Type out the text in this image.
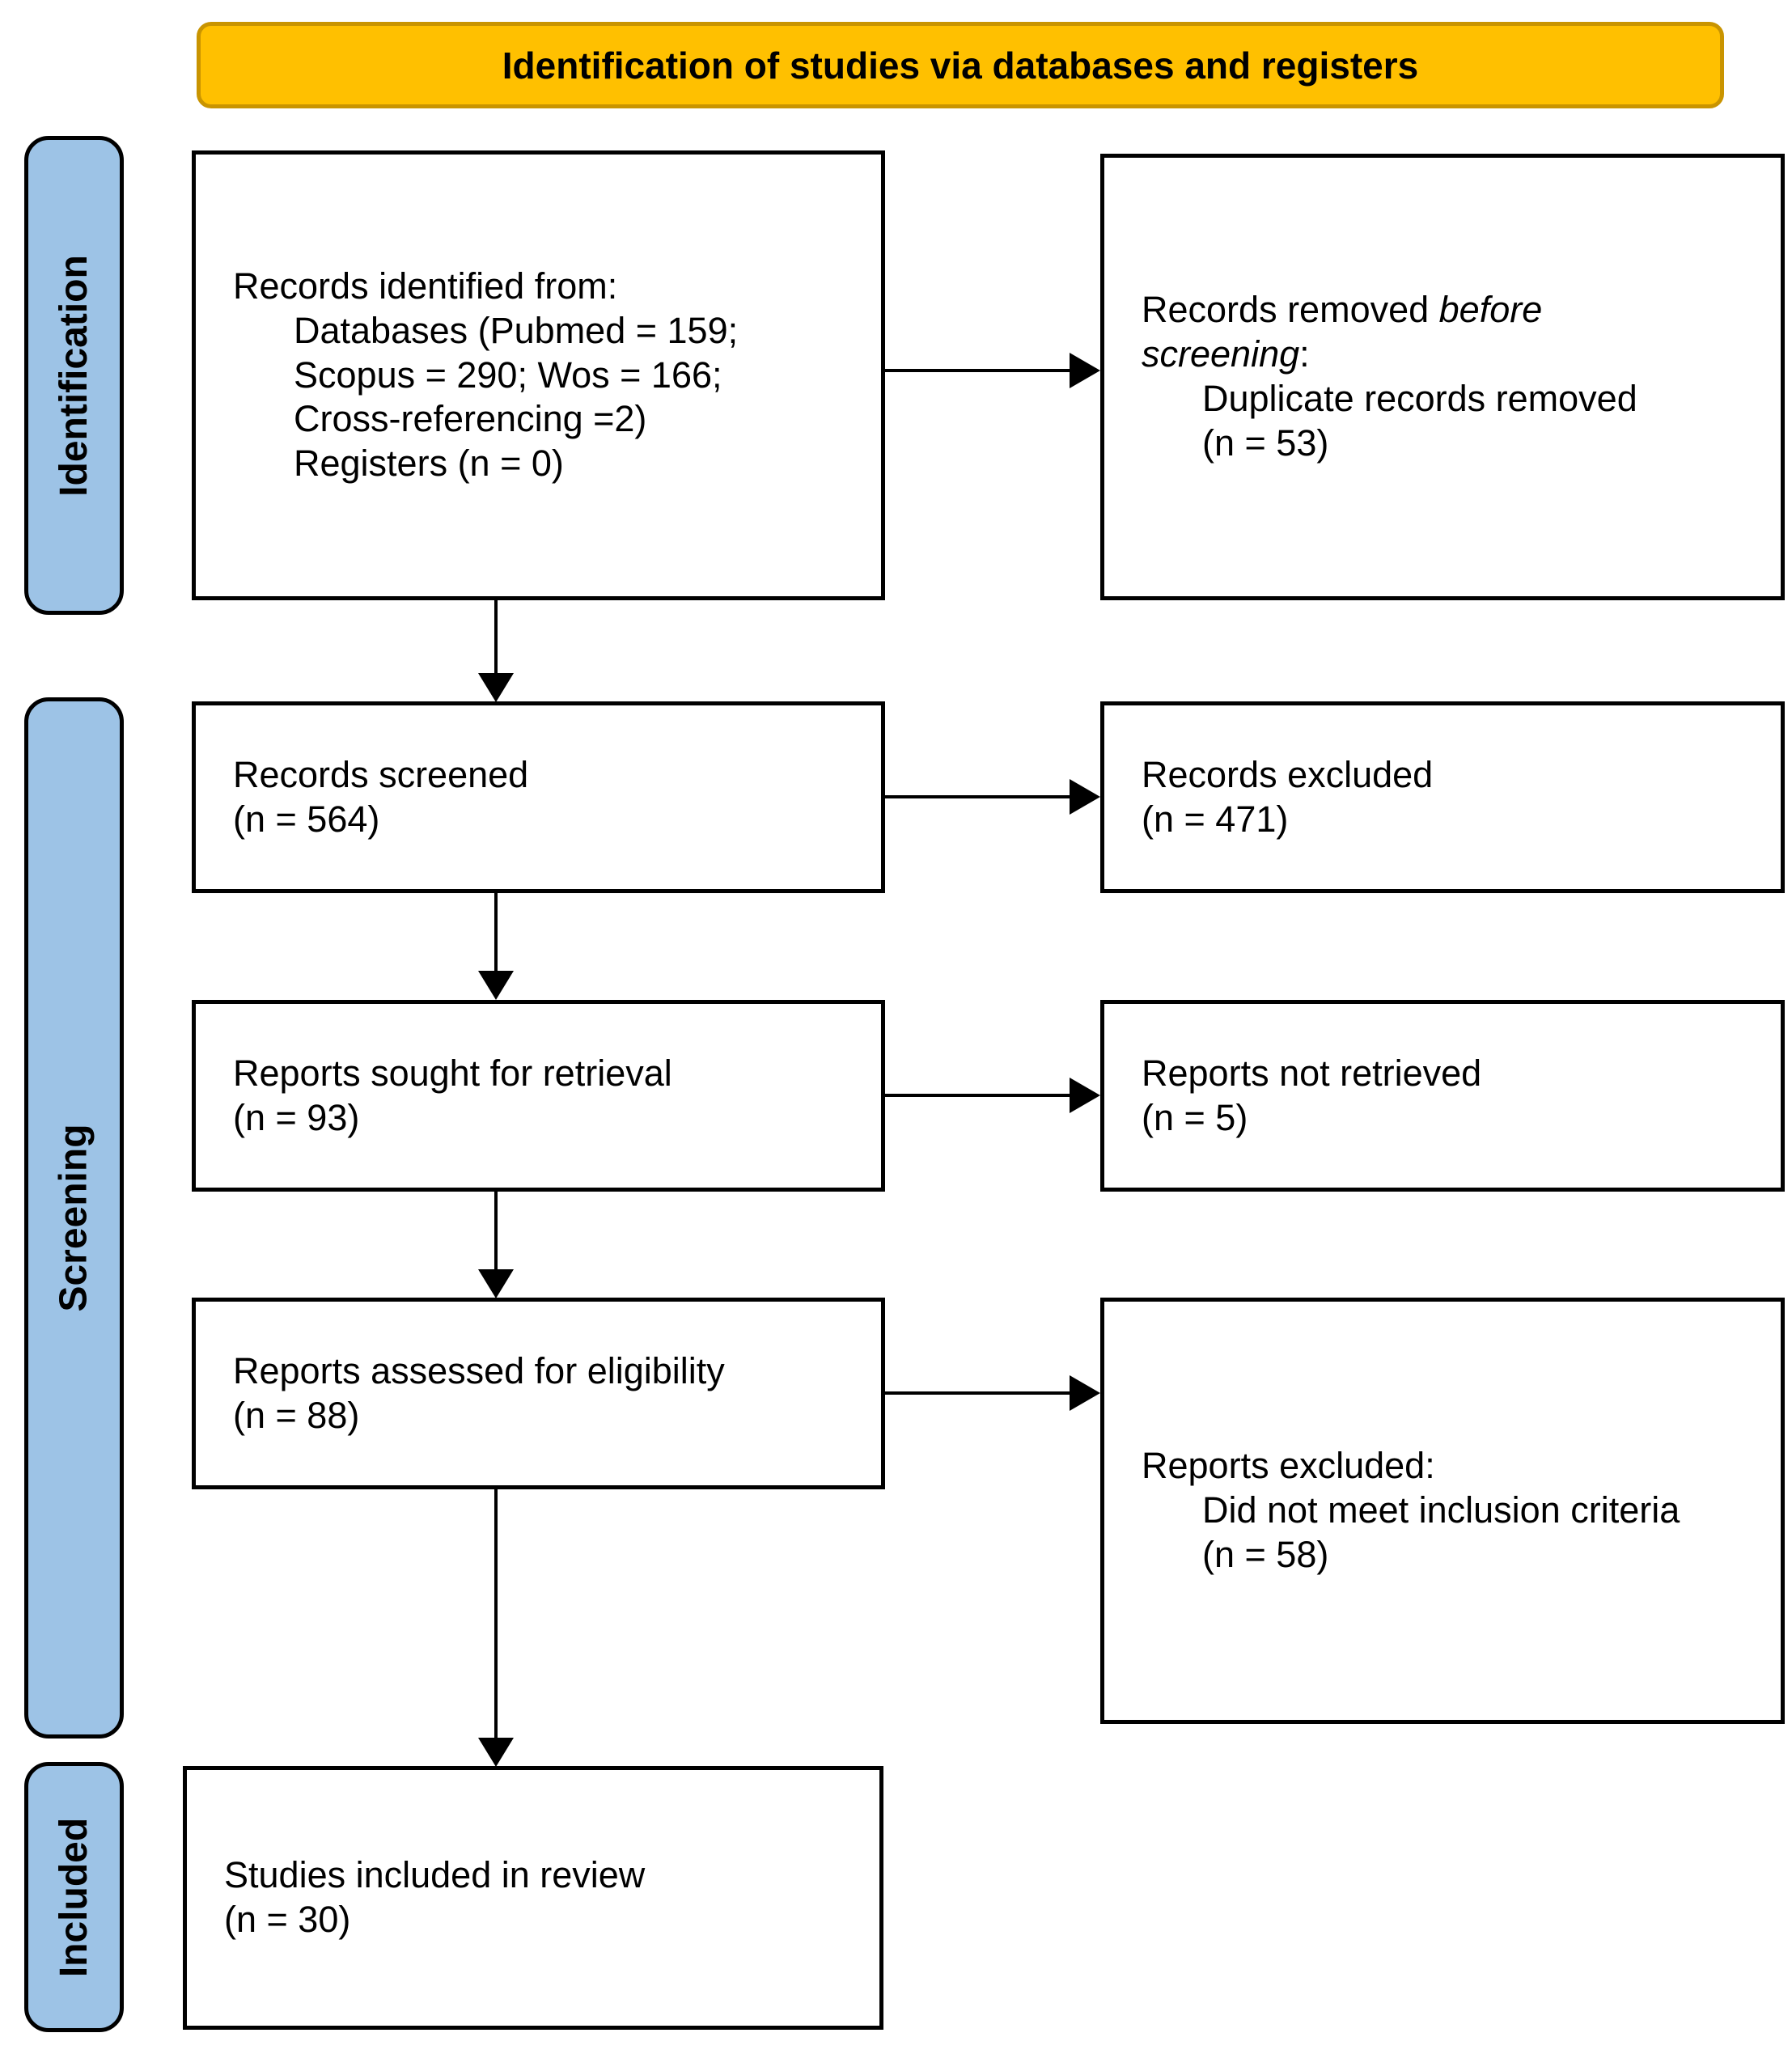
Identification of studies via databases and registers
Identification
Screening
Included
Records identified from:
Databases (Pubmed = 159;
Scopus = 290; Wos = 166;
Cross-referencing =2)
Registers (n = 0)
Records removed before
screening:
Duplicate records removed
(n = 53)
Records screened
(n = 564)
Records excluded
(n = 471)
Reports sought for retrieval
(n = 93)
Reports not retrieved
(n = 5)
Reports assessed for eligibility
(n = 88)
Reports excluded:
Did not meet inclusion criteria
(n = 58)
Studies included in review
(n = 30)
